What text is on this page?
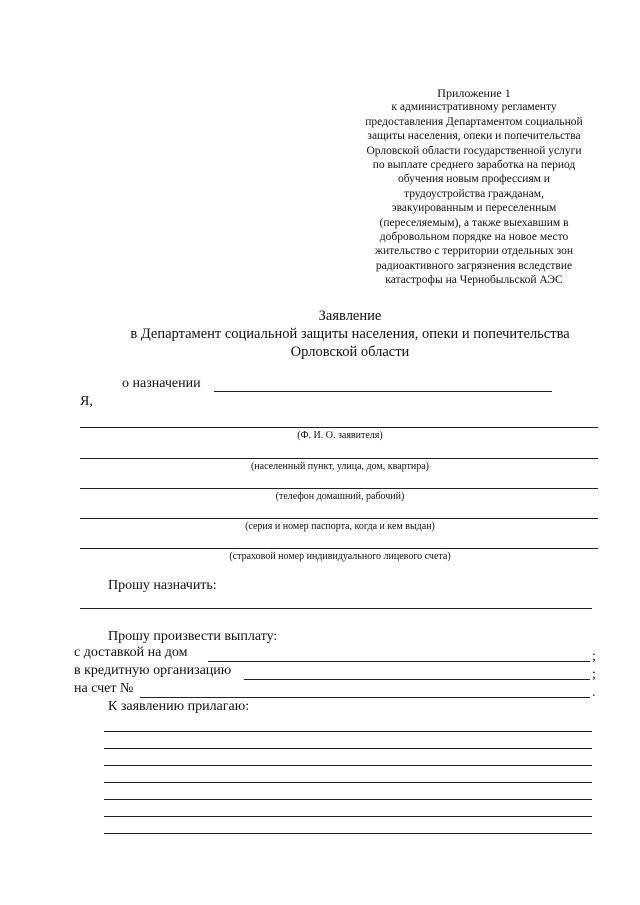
Приложение 1
к административному регламенту
предоставления Департаментом социальной
защиты населения, опеки и попечительства
Орловской области государственной услуги
по выплате среднего заработка на период
обучения новым профессиям и
трудоустройства гражданам,
эвакуированным и переселенным
(переселяемым), а также выехавшим в
добровольном порядке на новое место
жительство с территории отдельных зон
радиоактивного загрязнения вследствие
катастрофы на Чернобыльской АЭС
Заявление
в Департамент социальной защиты населения, опеки и попечительства
Орловской области
о назначении
Я,
(Ф. И. О. заявителя)
(населенный пункт, улица, дом, квартира)
(телефон домашний, рабочий)
(серия и номер паспорта, когда и кем выдан)
(страховой номер индивидуального лицевого счета)
Прошу назначить:
Прошу произвести выплату:
с доставкой на дом	;
в кредитную организацию	;
на счет №	.
К заявлению прилагаю:
